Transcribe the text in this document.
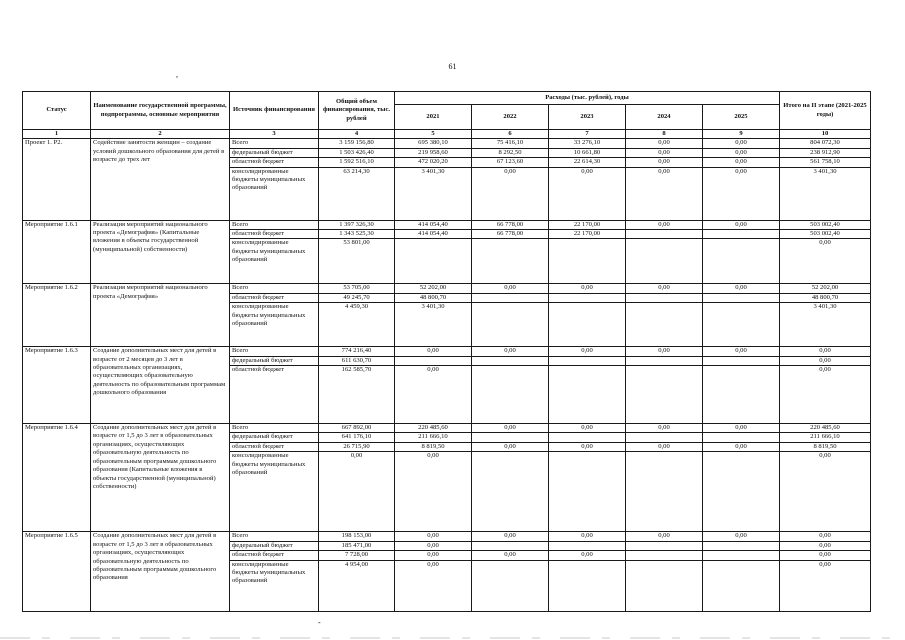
61
,
Статус	Наименование государственной программы, подпрограммы, основные мероприятия	Источник финансирования	Общий объем финансирования, тыс. рублей	Расходы (тыс. рублей), годы					Итого на II этапе (2021-2025 годы)
				2021	2022	2023	2024	2025	
1	2	3	4	5	6	7	8	9	10
Проект 1. Р2.	Содействие занятости женщин – создание условий дошкольного образования для детей в возрасте до трех лет	Всего	3 159 156,80	695 380,10	75 416,10	33 276,10	0,00	0,00	804 072,30
		федеральный бюджет	1 503 426,40	219 958,60	8 292,50	10 661,80	0,00	0,00	238 912,90
		областной бюджет	1 592 516,10	472 020,20	67 123,60	22 614,30	0,00	0,00	561 758,10
		консолидированные бюджеты муниципальных образований	63 214,30	3 401,30	0,00	0,00	0,00	0,00	3 401,30
Мероприятие 1.6.1	Реализация мероприятий национального проекта «Демография» (Капитальные вложения в объекты государственной (муниципальной) собственности)	Всего	1 397 326,30	414 054,40	66 778,00	22 170,00	0,00	0,00	503 002,40
		областной бюджет	1 343 525,30	414 054,40	66 778,00	22 170,00			503 002,40
		консолидированные бюджеты муниципальных образований	53 801,00						0,00
Мероприятие 1.6.2	Реализация мероприятий национального проекта «Демография»	Всего	53 705,00	52 202,00	0,00	0,00	0,00	0,00	52 202,00
		областной бюджет	49 245,70	48 800,70					48 800,70
		консолидированные бюджеты муниципальных образований	4 459,30	3 401,30					3 401,30
Мероприятие 1.6.3	Создание дополнительных мест для детей в возрасте от 2 месяцев до 3 лет в образовательных организациях, осуществляющих образовательную деятельность по образовательным программам дошкольного образования	Всего	774 216,40	0,00	0,00	0,00	0,00	0,00	0,00
		федеральный бюджет	611 630,70						0,00
		областной бюджет	162 585,70	0,00					0,00
Мероприятие 1.6.4	Создание дополнительных мест для детей в возрасте от 1,5 до 3 лет в образовательных организациях, осуществляющих образовательную деятельность по образовательным программам дошкольного образования (Капитальные вложения в объекты государственной (муниципальной) собственности)	Всего	667 892,00	220 485,60	0,00	0,00	0,00	0,00	220 485,60
		федеральный бюджет	641 176,10	211 666,10					211 666,10
		областной бюджет	26 715,90	8 819,50	0,00	0,00	0,00	0,00	8 819,50
		консолидированные бюджеты муниципальных образований	0,00	0,00					0,00
Мероприятие 1.6.5	Создание дополнительных мест для детей в возрасте от 1,5 до 3 лет в образовательных организациях, осуществляющих образовательную деятельность по образовательным программам дошкольного образования	Всего	198 153,00	0,00	0,00	0,00	0,00	0,00	0,00
		федеральный бюджет	185 471,00	0,00					0,00
		областной бюджет	7 728,00	0,00	0,00	0,00			0,00
		консолидированные бюджеты муниципальных образований	4 954,00	0,00					0,00
-
